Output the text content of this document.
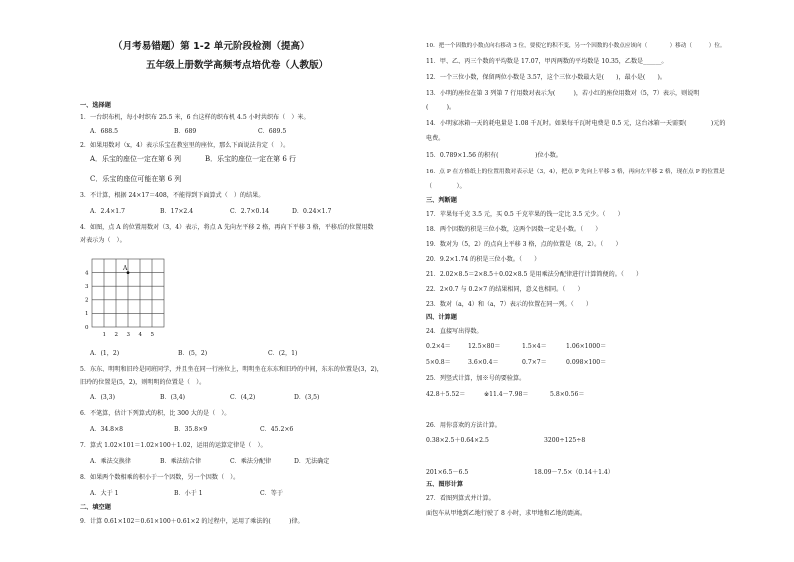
（月考易错题）第 1-2 单元阶段检测（提高）
五年级上册数学高频考点培优卷（人教版）
一、选择题
1．一台织布机，每小时织布 25.5 米，6 台这样的织布机 4.5 小时共织布（　）米。
A．688.5	B．689	C．689.5
2．如果用数对（x，4）表示乐宝在教室里的座位，那么下面说法肯定（　）。
A．乐宝的座位一定在第 6 列	B．乐宝的座位一定在第 6 行
C．乐宝的座位可能在第 6 列
3．不计算，根据 24×17＝408，不能得到下面算式（　）的结果。
A．2.4×1.7	B．17×2.4	C．2.7×0.14	D．0.24×1.7
4．如图，点 A 的位置用数对（3，4）表示，将点 A 先向左平移 2 格，再向下平移 3 格，平移后的位置用数
对表示为（　）。
A
4
3
2
1
0
1 2 3 4 5
A．(1，2)	B．(5，2)	C．(2，1)
5．东东、明明和旧玲是同班同学，并且坐在同一行座位上，明明坐在东东和旧玲的中间，东东的位置是(3，2)，
旧玲的位置是(5，2)，则明明的位置是（　）。
A．(3,3)	B．(3,4)	C．(4,2)	D．(3,5)
6．不笔算，估计下列算式的积，比 300 大的是（　）。
A．34.8×8	B．35.8×9	C．45.2×6
7．算式 1.02×101＝1.02×100＋1.02，运用的运算定律是（　）。
A．乘法交换律	B．乘法结合律	C．乘法分配律	D．无法确定
8．如果两个数相乘的积小于一个因数，另一个因数（　）。
A．大于 1	B．小于 1	C．等于
二、填空题
9．计算 0.61×102＝0.61×100＋0.61×2 的过程中，运用了乘法的(　　　)律。
10．把一个因数的小数点向右移动 3 位，要使它的积不变，另一个因数的小数点应该向（　　　　）移动（　　　）位。
11．甲、乙、丙三个数的平均数是 17.07，甲丙两数的平均数是 10.35，乙数是______。
12．一个三位小数，保留两位小数是 3.57，这个三位小数最大是(　　)，最小是(　　)。
13．小明的座位在第 3 列第 7 行用数对表示为(　　　)，若小红的座位用数对（5，7）表示，则说明
(　　　)。
14．小明家冰箱一天的耗电量是 1.08 千瓦时。如果每千瓦时电费是 0.5 元，这台冰箱一天需要(　　　　)元的
电费。
15．0.789×1.56 的积有(　　　　　　)位小数。
16．点 P 在方格纸上的位置用数对表示是（3，4），把点 P 先向上平移 3 格，再向左平移 2 格，现在点 P 的位置是
（　　　　）。
三、判断题
17．苹果每千克 3.5 元，买 0.5 千克苹果的钱一定比 3.5 元少。（　　）
18．两个因数的积是三位小数，这两个因数一定是小数。（　　）
19．数对为（5，2）的点向上平移 3 格，点的位置是（8，2）。（　　）
20．9.2×1.74 的积是三位小数。（　　）
21．2.02×8.5＝2×8.5＋0.02×8.5 是用乘法分配律进行计算简便的。（　　）
22．2×0.7 与 0.2×7 的结果相同，意义也相同。（　　）
23．数对（a，4）和（a，7）表示的位置在同一列。（　　）
四、计算题
24．直接写出得数。
0.2×4＝	12.5×80＝	1.5×4＝	1.06×1000＝
5×0.8＝	3.6×0.4＝	0.7×7＝	0.098×100＝
25．列竖式计算，加※号的要验算。
42.8＋5.52＝	※11.4－7.98＝	5.8×0.56＝
26．用你喜欢的方法计算。
0.38×2.5＋0.64×2.5	3200÷125÷8
201×6.5－6.5	18.09－7.5×（0.14＋1.4）
五、图形计算
27．看图列算式并计算。
面包车从甲地到乙地行驶了 8 小时，求甲地和乙地的距离。
